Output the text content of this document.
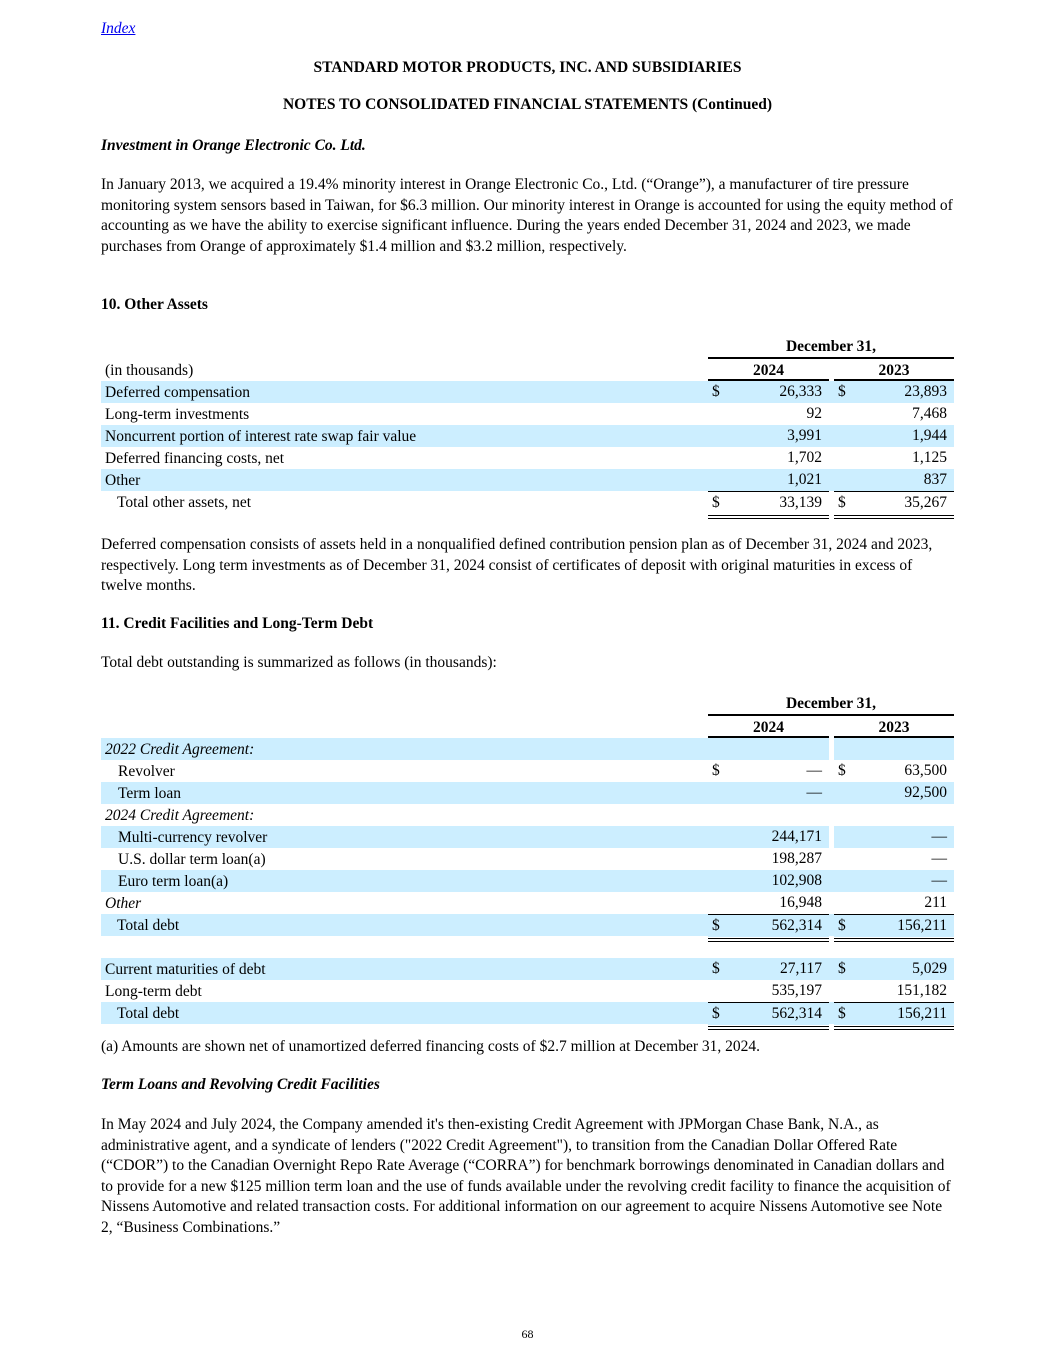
Index
STANDARD MOTOR PRODUCTS, INC. AND SUBSIDIARIES
NOTES TO CONSOLIDATED FINANCIAL STATEMENTS (Continued)
Investment in Orange Electronic Co. Ltd.
In January 2013, we acquired a 19.4% minority interest in Orange Electronic Co., Ltd. (“Orange”), a manufacturer of tire pressure monitoring system sensors based in Taiwan, for $6.3 million. Our minority interest in Orange is accounted for using the equity method of accounting as we have the ability to exercise significant influence. During the years ended December 31, 2024 and 2023, we made purchases from Orange of approximately $1.4 million and $3.2 million, respectively.
10. Other Assets
December 31,
(in thousands)	2024	2023
Deferred compensation	$	26,333 $	23,893
Long-term investments	92	7,468
Noncurrent portion of interest rate swap fair value	3,991	1,944
Deferred financing costs, net	1,702	1,125
Other	1,021	837
Total other assets, net	$	33,139 $	35,267
Deferred compensation consists of assets held in a nonqualified defined contribution pension plan as of December 31, 2024 and 2023, respectively. Long term investments as of December 31, 2024 consist of certificates of deposit with original maturities in excess of twelve months.
11. Credit Facilities and Long-Term Debt
Total debt outstanding is summarized as follows (in thousands):
December 31,
2024	2023
2022 Credit Agreement:
Revolver	$	— $	63,500
Term loan	—	92,500
2024 Credit Agreement:
Multi-currency revolver	244,171	—
U.S. dollar term loan(a)	198,287	—
Euro term loan(a)	102,908	—
Other	16,948	211
Total debt	$	562,314 $	156,211
Current maturities of debt	$	27,117 $	5,029
Long-term debt	535,197	151,182
Total debt	$	562,314 $	156,211
(a) Amounts are shown net of unamortized deferred financing costs of $2.7 million at December 31, 2024.
Term Loans and Revolving Credit Facilities
In May 2024 and July 2024, the Company amended it's then-existing Credit Agreement with JPMorgan Chase Bank, N.A., as administrative agent, and a syndicate of lenders ("2022 Credit Agreement"), to transition from the Canadian Dollar Offered Rate (“CDOR”) to the Canadian Overnight Repo Rate Average (“CORRA”) for benchmark borrowings denominated in Canadian dollars and to provide for a new $125 million term loan and the use of funds available under the revolving credit facility to finance the acquisition of Nissens Automotive and related transaction costs. For additional information on our agreement to acquire Nissens Automotive see Note 2, “Business Combinations.”
68
